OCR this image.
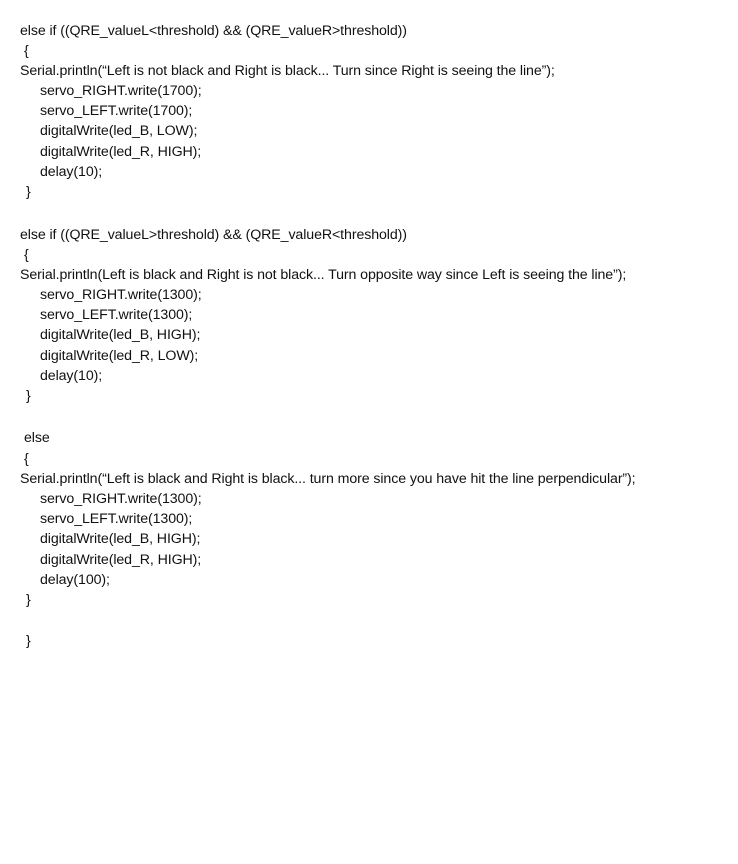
else if ((QRE_valueL<threshold) && (QRE_valueR>threshold))
{
Serial.println(“Left is not black and Right is black... Turn since Right is seeing the line”);
servo_RIGHT.write(1700);
servo_LEFT.write(1700);
digitalWrite(led_B, LOW);
digitalWrite(led_R, HIGH);
delay(10);
}
else if ((QRE_valueL>threshold) && (QRE_valueR<threshold))
{
Serial.println(Left is black and Right is not black... Turn opposite way since Left is seeing the line”);
servo_RIGHT.write(1300);
servo_LEFT.write(1300);
digitalWrite(led_B, HIGH);
digitalWrite(led_R, LOW);
delay(10);
}
else
{
Serial.println(“Left is black and Right is black... turn more since you have hit the line perpendicular”);
servo_RIGHT.write(1300);
servo_LEFT.write(1300);
digitalWrite(led_B, HIGH);
digitalWrite(led_R, HIGH);
delay(100);
}
}
